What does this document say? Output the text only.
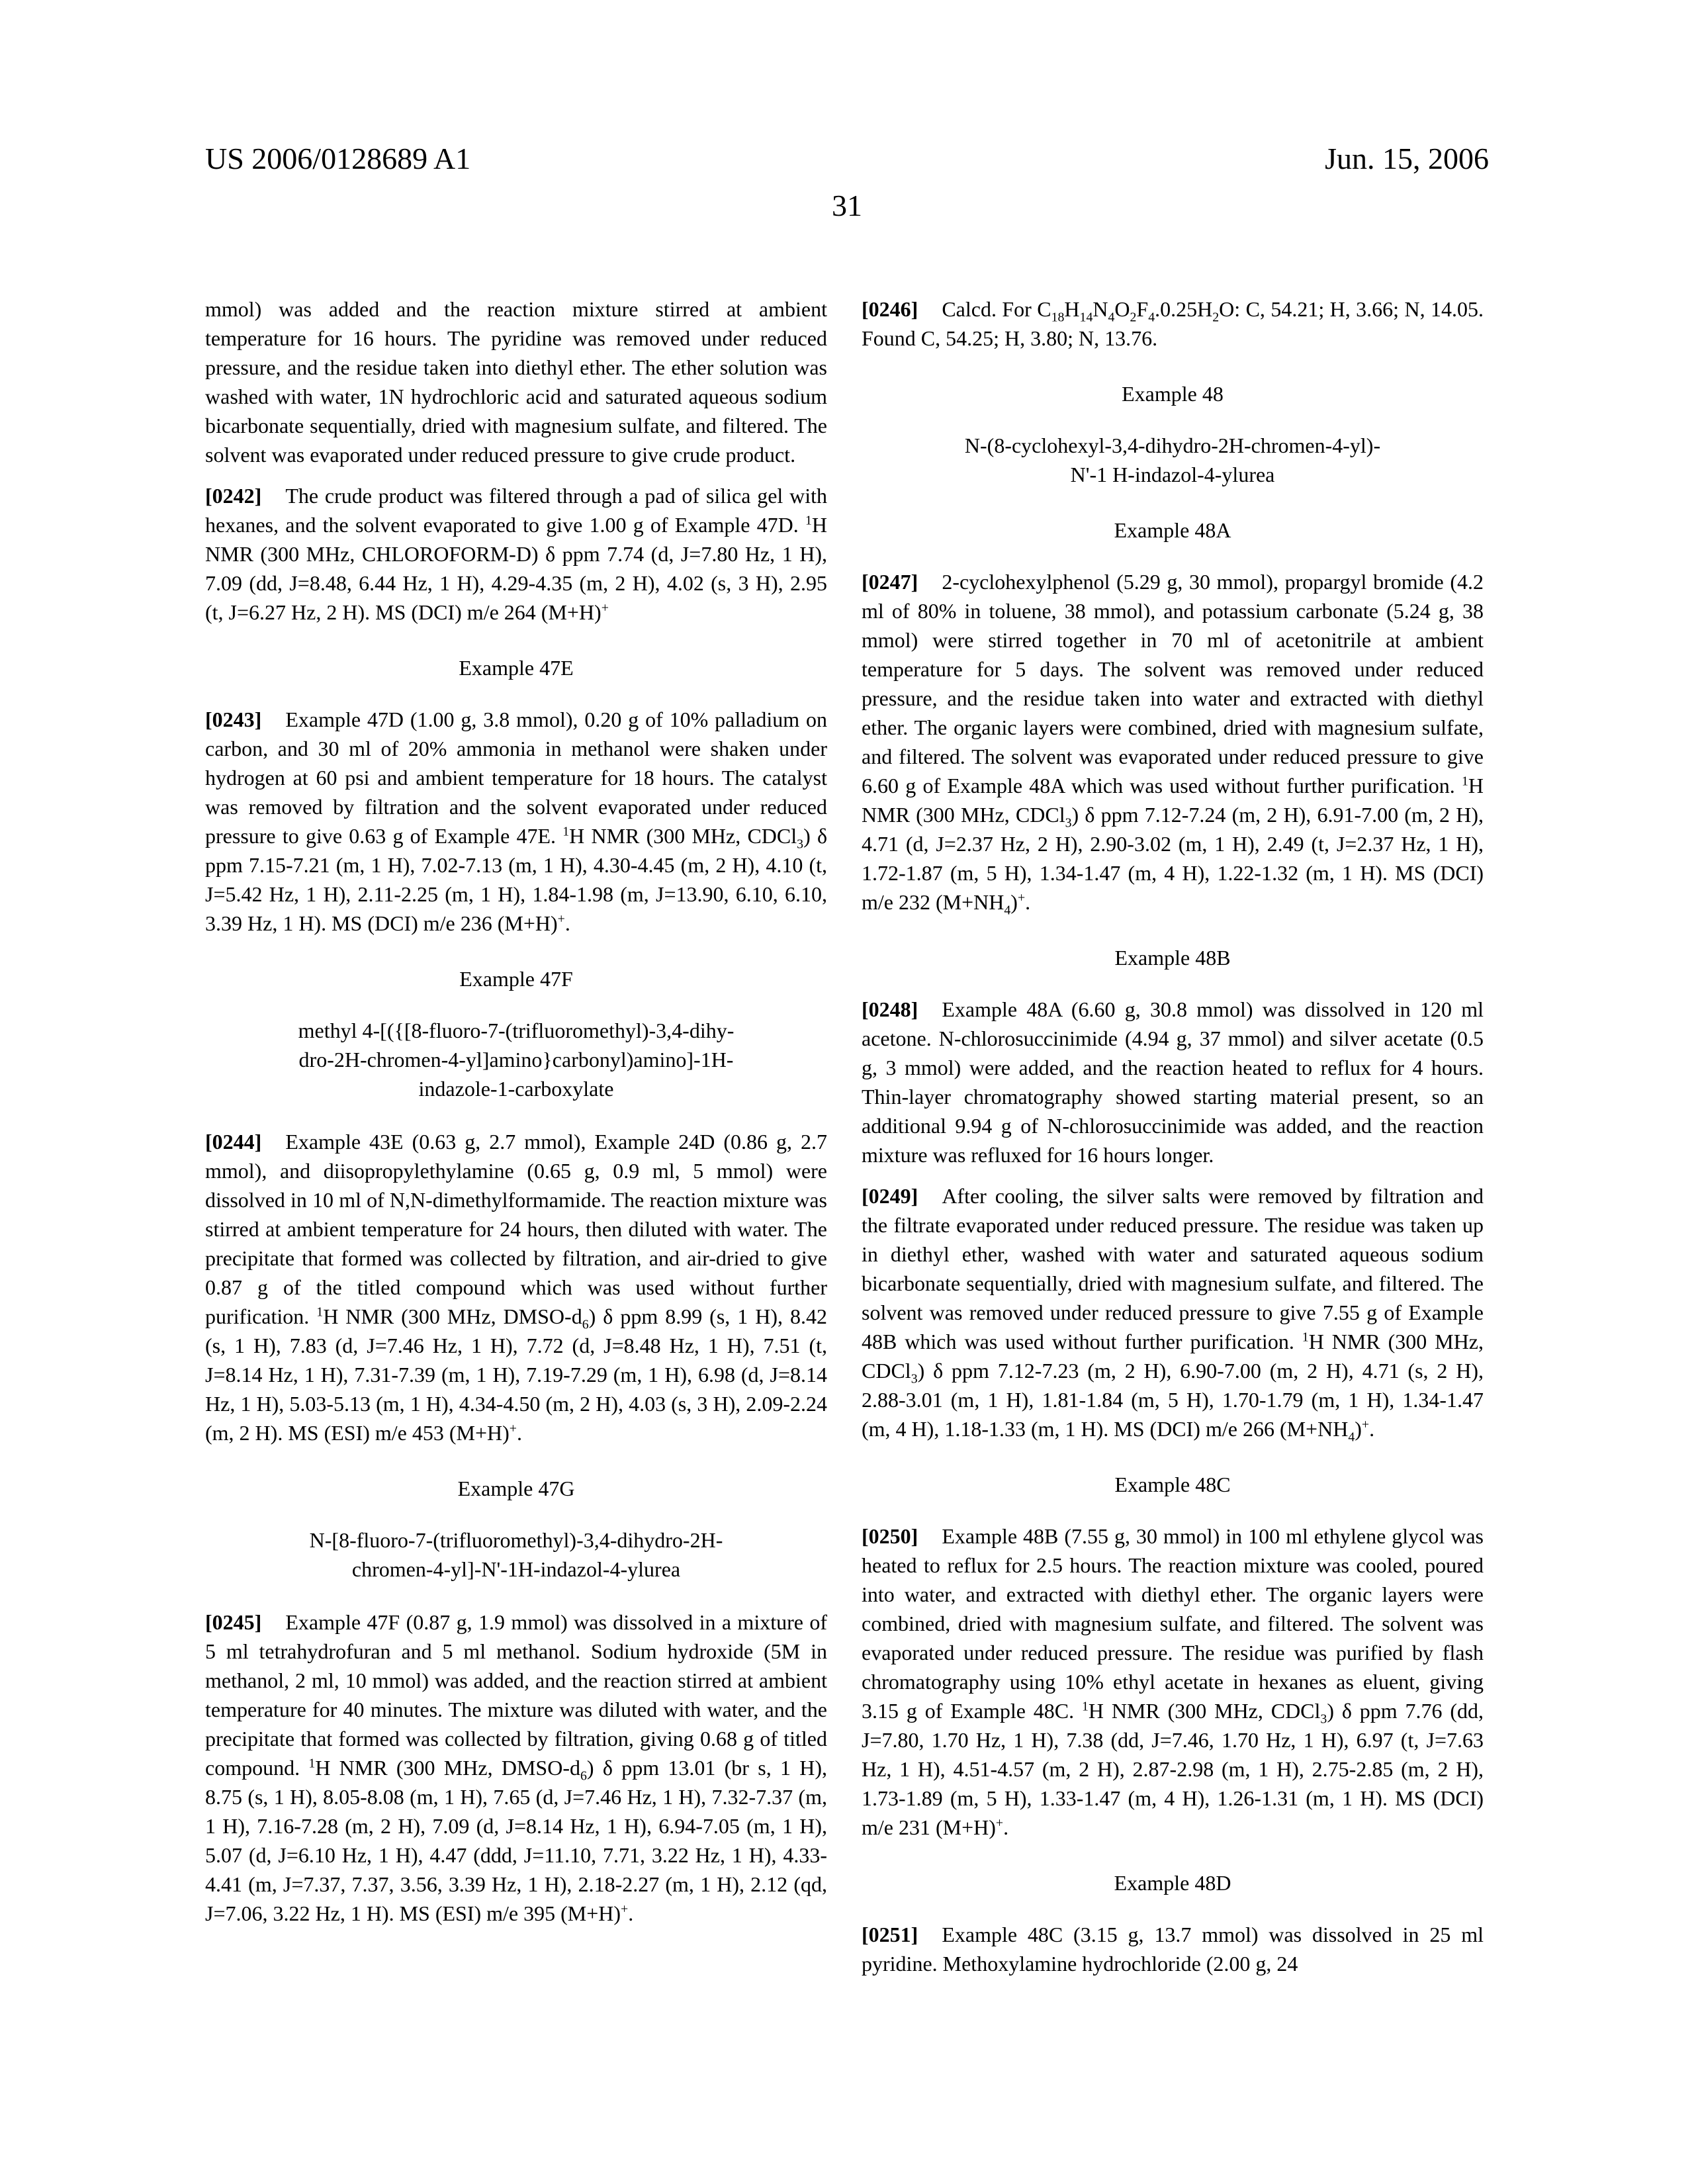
US 2006/0128689 A1	Jun. 15, 2006
31

mmol) was added and the reaction mixture stirred at ambient temperature for 16 hours. The pyridine was removed under reduced pressure, and the residue taken into diethyl ether. The ether solution was washed with water, 1N hydrochloric acid and saturated aqueous sodium bicarbonate sequentially, dried with magnesium sulfate, and filtered. The solvent was evaporated under reduced pressure to give crude product.

[0242] The crude product was filtered through a pad of silica gel with hexanes, and the solvent evaporated to give 1.00 g of Example 47D. $^1$H NMR (300 MHz, CHLOROFORM-D) δ ppm 7.74 (d, J=7.80 Hz, 1 H), 7.09 (dd, J=8.48, 6.44 Hz, 1 H), 4.29-4.35 (m, 2 H), 4.02 (s, 3 H), 2.95 (t, J=6.27 Hz, 2 H). MS (DCI) m/e 264 (M+H)+

Example 47E

[0243] Example 47D (1.00 g, 3.8 mmol), 0.20 g of 10% palladium on carbon, and 30 ml of 20% ammonia in methanol were shaken under hydrogen at 60 psi and ambient temperature for 18 hours. The catalyst was removed by filtration and the solvent evaporated under reduced pressure to give 0.63 g of Example 47E. $^1$H NMR (300 MHz, CDCl$_3$) δ ppm 7.15-7.21 (m, 1 H), 7.02-7.13 (m, 1 H), 4.30-4.45 (m, 2 H), 4.10 (t, J=5.42 Hz, 1 H), 2.11-2.25 (m, 1 H), 1.84-1.98 (m, J=13.90, 6.10, 6.10, 3.39 Hz, 1 H). MS (DCI) m/e 236 (M+H)+.

Example 47F
methyl 4-[({[8-fluoro-7-(trifluoromethyl)-3,4-dihy-
dro-2H-chromen-4-yl]amino}carbonyl)amino]-1H-
indazole-1-carboxylate

[0244] Example 43E (0.63 g, 2.7 mmol), Example 24D (0.86 g, 2.7 mmol), and diisopropylethylamine (0.65 g, 0.9 ml, 5 mmol) were dissolved in 10 ml of N,N-dimethylformamide. The reaction mixture was stirred at ambient temperature for 24 hours, then diluted with water. The precipitate that formed was collected by filtration, and air-dried to give 0.87 g of the titled compound which was used without further purification. $^1$H NMR (300 MHz, DMSO-$d_6$) δ ppm 8.99 (s, 1 H), 8.42 (s, 1 H), 7.83 (d, J=7.46 Hz, 1 H), 7.72 (d, J=8.48 Hz, 1 H), 7.51 (t, J=8.14 Hz, 1 H), 7.31-7.39 (m, 1 H), 7.19-7.29 (m, 1 H), 6.98 (d, J=8.14 Hz, 1 H), 5.03-5.13 (m, 1 H), 4.34-4.50 (m, 2 H), 4.03 (s, 3 H), 2.09-2.24 (m, 2 H). MS (ESI) m/e 453 (M+H)+.

Example 47G
N-[8-fluoro-7-(trifluoromethyl)-3,4-dihydro-2H-
chromen-4-yl]-N'-1H-indazol-4-ylurea

[0245] Example 47F (0.87 g, 1.9 mmol) was dissolved in a mixture of 5 ml tetrahydrofuran and 5 ml methanol. Sodium hydroxide (5M in methanol, 2 ml, 10 mmol) was added, and the reaction stirred at ambient temperature for 40 minutes. The mixture was diluted with water, and the precipitate that formed was collected by filtration, giving 0.68 g of titled compound. $^1$H NMR (300 MHz, DMSO-$d_6$) δ ppm 13.01 (br s, 1 H), 8.75 (s, 1 H), 8.05-8.08 (m, 1 H), 7.65 (d, J=7.46 Hz, 1 H), 7.32-7.37 (m, 1 H), 7.16-7.28 (m, 2 H), 7.09 (d, J=8.14 Hz, 1 H), 6.94-7.05 (m, 1 H), 5.07 (d, J=6.10 Hz, 1 H), 4.47 (ddd, J=11.10, 7.71, 3.22 Hz, 1 H), 4.33-4.41 (m, J=7.37, 7.37, 3.56, 3.39 Hz, 1 H), 2.18-2.27 (m, 1 H), 2.12 (qd, J=7.06, 3.22 Hz, 1 H). MS (ESI) m/e 395 (M+H)+.

[0246] Calcd. For $C_{18}H_{14}N_4O_2F_4.0.25H_2O$: C, 54.21; H, 3.66; N, 14.05. Found C, 54.25; H, 3.80; N, 13.76.

Example 48
N-(8-cyclohexyl-3,4-dihydro-2H-chromen-4-yl)-
N'-1 H-indazol-4-ylurea
Example 48A

[0247] 2-cyclohexylphenol (5.29 g, 30 mmol), propargyl bromide (4.2 ml of 80% in toluene, 38 mmol), and potassium carbonate (5.24 g, 38 mmol) were stirred together in 70 ml of acetonitrile at ambient temperature for 5 days. The solvent was removed under reduced pressure, and the residue taken into water and extracted with diethyl ether. The organic layers were combined, dried with magnesium sulfate, and filtered. The solvent was evaporated under reduced pressure to give 6.60 g of Example 48A which was used without further purification. $^1$H NMR (300 MHz, CDCl$_3$) δ ppm 7.12-7.24 (m, 2 H), 6.91-7.00 (m, 2 H), 4.71 (d, J=2.37 Hz, 2 H), 2.90-3.02 (m, 1 H), 2.49 (t, J=2.37 Hz, 1 H), 1.72-1.87 (m, 5 H), 1.34-1.47 (m, 4 H), 1.22-1.32 (m, 1 H). MS (DCI) m/e 232 $(M+NH_4)^+$.

Example 48B

[0248] Example 48A (6.60 g, 30.8 mmol) was dissolved in 120 ml acetone. N-chlorosuccinimide (4.94 g, 37 mmol) and silver acetate (0.5 g, 3 mmol) were added, and the reaction heated to reflux for 4 hours. Thin-layer chromatography showed starting material present, so an additional 9.94 g of N-chlorosuccinimide was added, and the reaction mixture was refluxed for 16 hours longer.

[0249] After cooling, the silver salts were removed by filtration and the filtrate evaporated under reduced pressure. The residue was taken up in diethyl ether, washed with water and saturated aqueous sodium bicarbonate sequentially, dried with magnesium sulfate, and filtered. The solvent was removed under reduced pressure to give 7.55 g of Example 48B which was used without further purification. $^1$H NMR (300 MHz, CDCl$_3$) δ ppm 7.12-7.23 (m, 2 H), 6.90-7.00 (m, 2 H), 4.71 (s, 2 H), 2.88-3.01 (m, 1 H), 1.81-1.84 (m, 5 H), 1.70-1.79 (m, 1 H), 1.34-1.47 (m, 4 H), 1.18-1.33 (m, 1 H). MS (DCI) m/e 266 $(M+NH_4)^+$.

Example 48C

[0250] Example 48B (7.55 g, 30 mmol) in 100 ml ethylene glycol was heated to reflux for 2.5 hours. The reaction mixture was cooled, poured into water, and extracted with diethyl ether. The organic layers were combined, dried with magnesium sulfate, and filtered. The solvent was evaporated under reduced pressure. The residue was purified by flash chromatography using 10% ethyl acetate in hexanes as eluent, giving 3.15 g of Example 48C. $^1$H NMR (300 MHz, CDCl$_3$) δ ppm 7.76 (dd, J=7.80, 1.70 Hz, 1 H), 7.38 (dd, J=7.46, 1.70 Hz, 1 H), 6.97 (t, J=7.63 Hz, 1 H), 4.51-4.57 (m, 2 H), 2.87-2.98 (m, 1 H), 2.75-2.85 (m, 2 H), 1.73-1.89 (m, 5 H), 1.33-1.47 (m, 4 H), 1.26-1.31 (m, 1 H). MS (DCI) m/e 231 (M+H)+.

Example 48D

[0251] Example 48C (3.15 g, 13.7 mmol) was dissolved in 25 ml pyridine. Methoxylamine hydrochloride (2.00 g, 24
